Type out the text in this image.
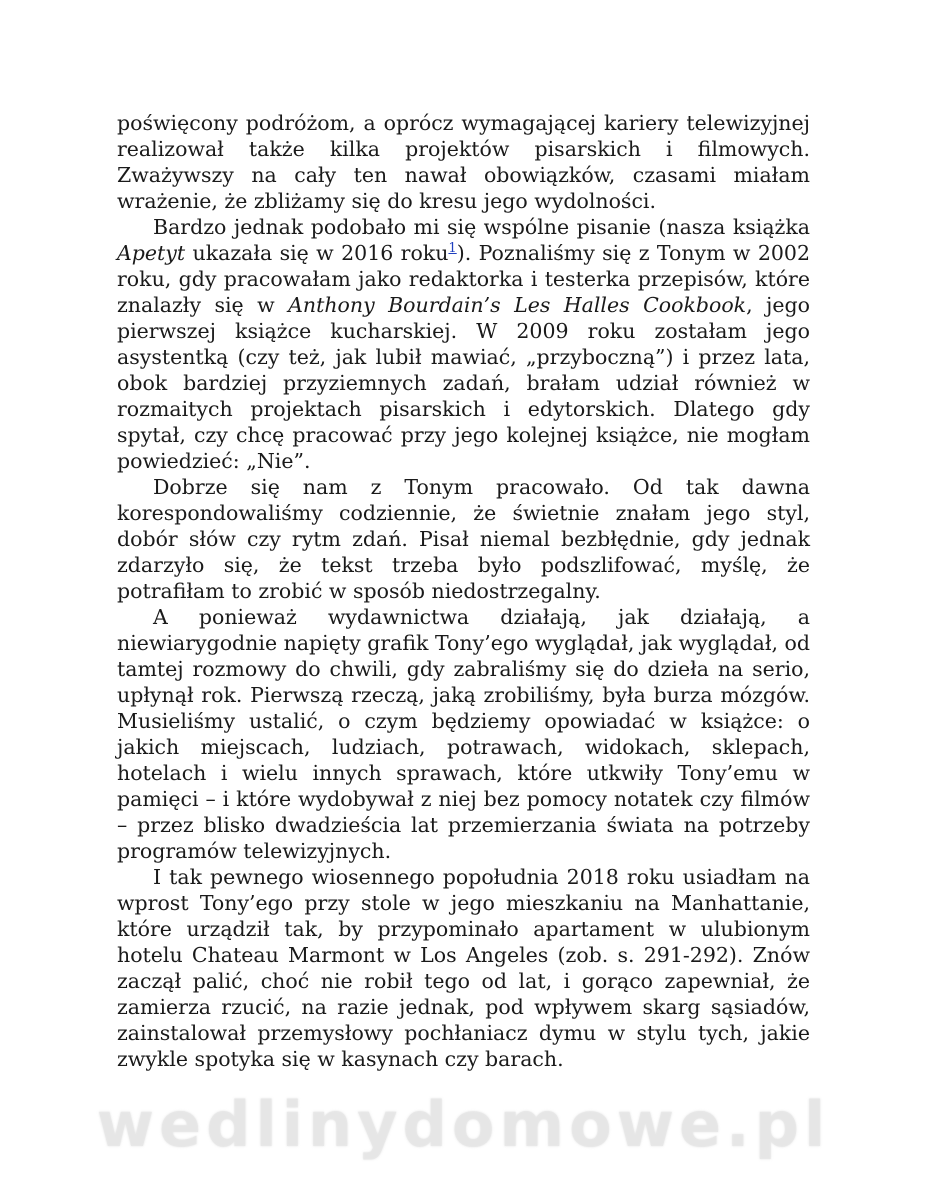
poświęcony podróżom, a oprócz wymagającej kariery telewizyjnej realizował także kilka projektów pisarskich i filmowych. Zważywszy na cały ten nawał obowiązków, czasami miałam wrażenie, że zbliżamy się do kresu jego wydolności.

Bardzo jednak podobało mi się wspólne pisanie (nasza książka Apetyt ukazała się w 2016 roku$^1$). Poznaliśmy się z Tonym w 2002 roku, gdy pracowałam jako redaktorka i testerka przepisów, które znalazły się w Anthony Bourdain’s Les Halles Cookbook, jego pierwszej książce kucharskiej. W 2009 roku zostałam jego asystentką (czy też, jak lubił mawiać, „przyboczną”) i przez lata, obok bardziej przyziemnych zadań, brałam udział również w rozmaitych projektach pisarskich i edytorskich. Dlatego gdy spytał, czy chcę pracować przy jego kolejnej książce, nie mogłam powiedzieć: „Nie”.

Dobrze się nam z Tonym pracowało. Od tak dawna korespondowaliśmy codziennie, że świetnie znałam jego styl, dobór słów czy rytm zdań. Pisał niemal bezbłędnie, gdy jednak zdarzyło się, że tekst trzeba było podszlifować, myślę, że potrafiłam to zrobić w sposób niedostrzegalny.

A ponieważ wydawnictwa działają, jak działają, a niewiarygodnie napięty grafik Tony’ego wyglądał, jak wyglądał, od tamtej rozmowy do chwili, gdy zabraliśmy się do dzieła na serio, upłynął rok. Pierwszą rzeczą, jaką zrobiliśmy, była burza mózgów. Musieliśmy ustalić, o czym będziemy opowiadać w książce: o jakich miejscach, ludziach, potrawach, widokach, sklepach, hotelach i wielu innych sprawach, które utkwiły Tony’emu w pamięci – i które wydobywał z niej bez pomocy notatek czy filmów – przez blisko dwadzieścia lat przemierzania świata na potrzeby programów telewizyjnych.

I tak pewnego wiosennego popołudnia 2018 roku usiadłam na wprost Tony’ego przy stole w jego mieszkaniu na Manhattanie, które urządził tak, by przypominało apartament w ulubionym hotelu Chateau Marmont w Los Angeles (zob. s. 291-292). Znów zaczął palić, choć nie robił tego od lat, i gorąco zapewniał, że zamierza rzucić, na razie jednak, pod wpływem skarg sąsiadów, zainstalował przemysłowy pochłaniacz dymu w stylu tych, jakie zwykle spotyka się w kasynach czy barach.

wedlinydomowe.pl
